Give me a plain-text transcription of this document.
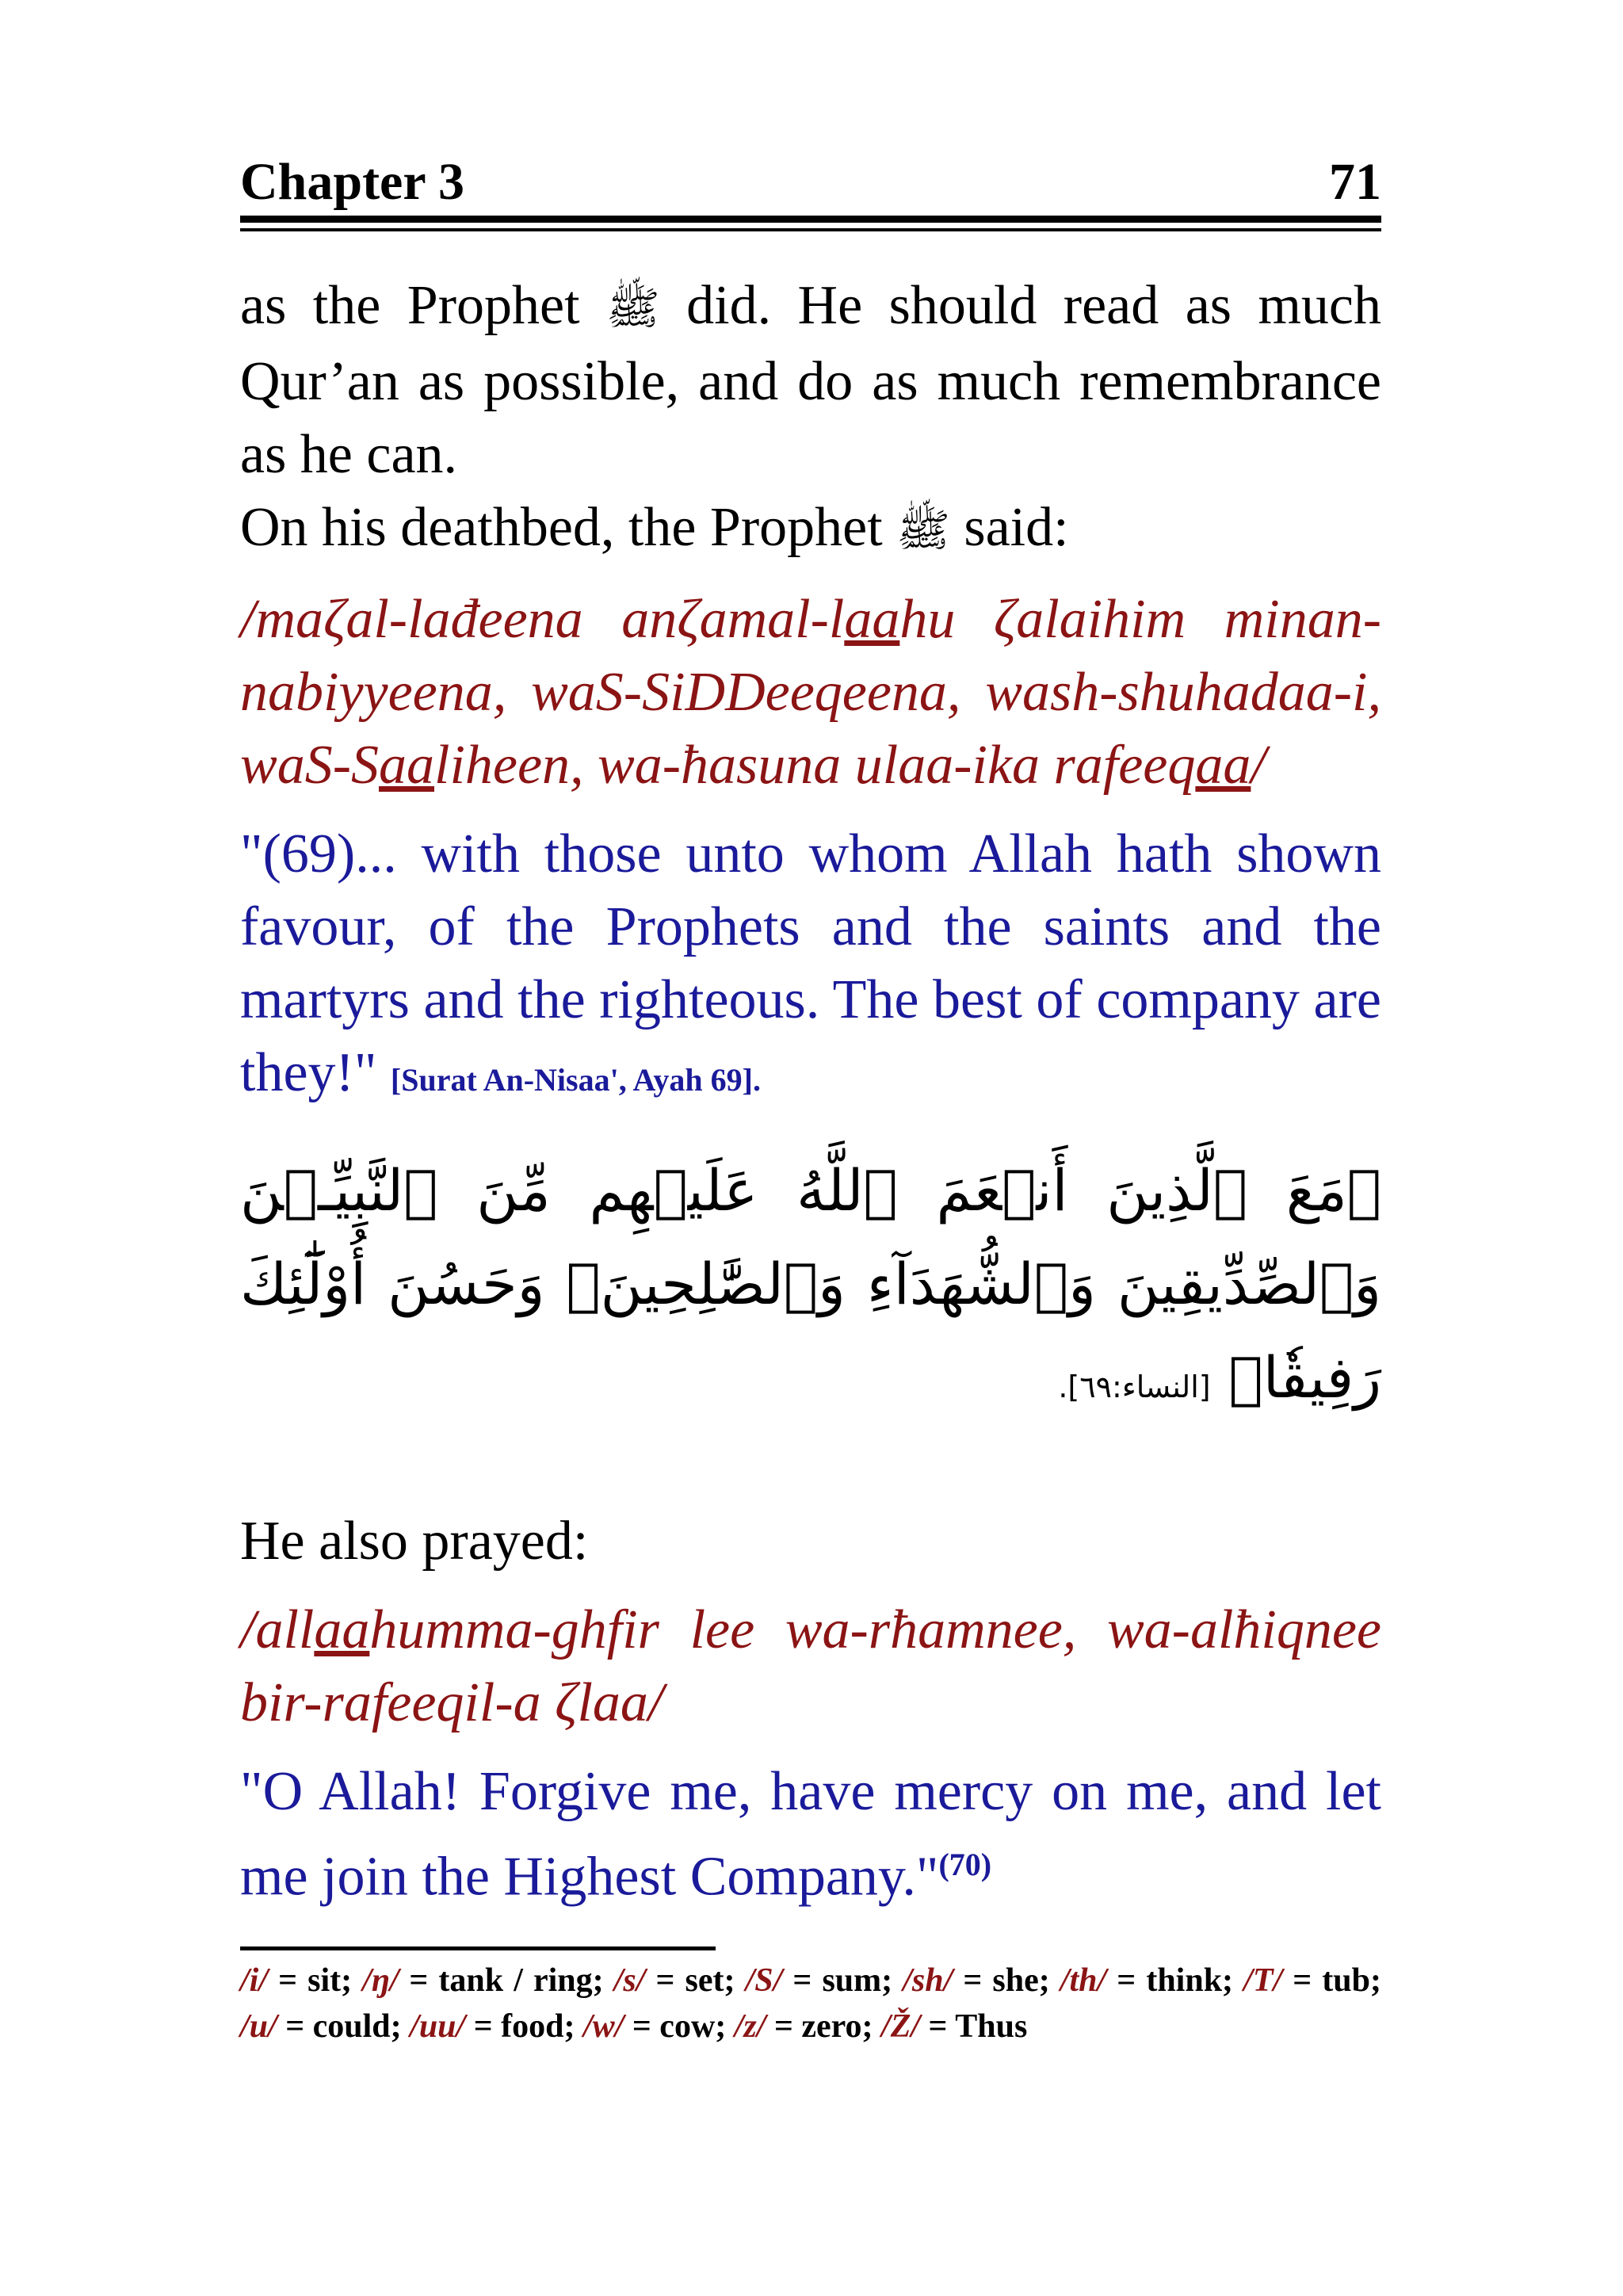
Chapter 3	71

as the Prophet ﷺ did. He should read as much Qur’an as possible, and do as much remembrance as he can.

On his deathbed, the Prophet ﷺ said:

/maζal-lađeena anζamal-laahu ζalaihim minan-nabiyyeena, waS-SiDDeeqeena, wash-shuhadaa-i, waS-Saaliheen, wa-ħasuna ulaa-ika rafeeqaa/

"(69)... with those unto whom Allah hath shown favour, of the Prophets and the saints and the martyrs and the righteous. The best of company are they!" [Surat An-Nisaa', Ayah 69].

﴿مَعَ ٱلَّذِينَ أَنۡعَمَ ٱللَّهُ عَلَيۡهِم مِّنَ ٱلنَّبِيِّـۧنَ وَٱلصِّدِّيقِينَ وَٱلشُّهَدَآءِ وَٱلصَّٰلِحِينَۚ وَحَسُنَ أُوْلَٰٓئِكَ رَفِيقٗا﴾ [النساء:٦٩].

He also prayed:

/allaahumma-ghfir lee wa-rħamnee, wa-alħiqnee bir-rafeeqil-a ζlaa/

"O Allah! Forgive me, have mercy on me, and let me join the Highest Company."$^{(70)}$

/i/ = sit; /ŋ/ = tank / ring; /s/ = set; /S/ = sum; /sh/ = she; /th/ = think; /T/ = tub; /u/ = could; /uu/ = food; /w/ = cow; /z/ = zero; /Ž/ = Thus
